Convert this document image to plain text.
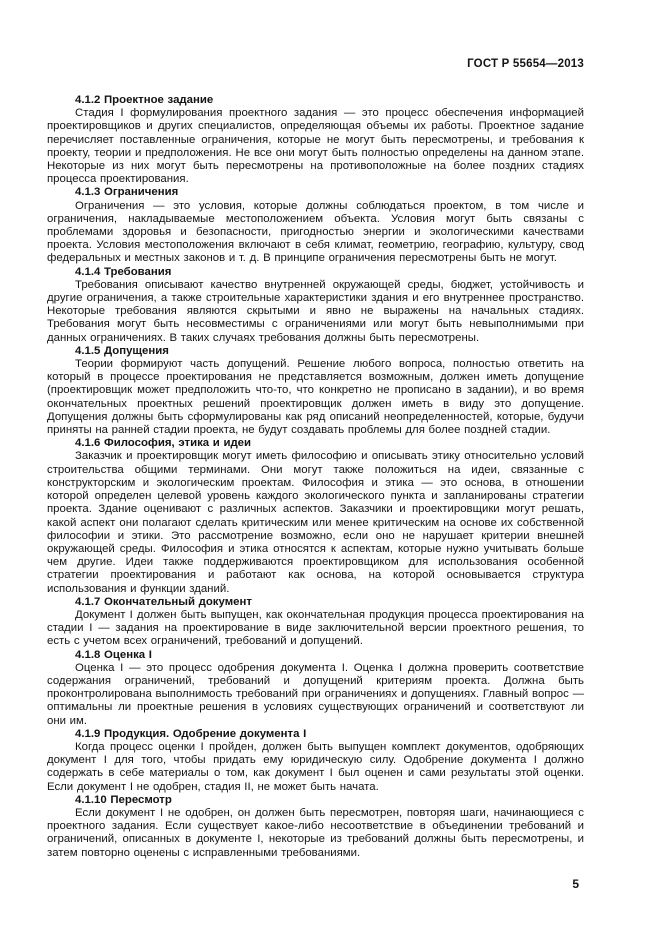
ГОСТ Р 55654—2013

4.1.2 Проектное задание

Стадия I формулирования проектного задания — это процесс обеспечения информацией проектировщиков и других специалистов, определяющая объемы их работы. Проектное задание перечисляет поставленные ограничения, которые не могут быть пересмотрены, и требования к проекту, теории и предположения. Не все они могут быть полностью определены на данном этапе. Некоторые из них могут быть пересмотрены на противоположные на более поздних стадиях процесса проектирования.

4.1.3 Ограничения

Ограничения — это условия, которые должны соблюдаться проектом, в том числе и ограничения, накладываемые местоположением объекта. Условия могут быть связаны с проблемами здоровья и безопасности, пригодностью энергии и экологическими качествами проекта. Условия местоположения включают в себя климат, геометрию, географию, культуру, свод федеральных и местных законов и т. д. В принципе ограничения пересмотрены быть не могут.

4.1.4 Требования

Требования описывают качество внутренней окружающей среды, бюджет, устойчивость и другие ограничения, а также строительные характеристики здания и его внутреннее пространство. Некоторые требования являются скрытыми и явно не выражены на начальных стадиях. Требования могут быть несовместимы с ограничениями или могут быть невыполнимыми при данных ограничениях. В таких случаях требования должны быть пересмотрены.

4.1.5 Допущения

Теории формируют часть допущений. Решение любого вопроса, полностью ответить на который в процессе проектирования не представляется возможным, должен иметь допущение (проектировщик может предположить что-то, что конкретно не прописано в задании), и во время окончательных проектных решений проектировщик должен иметь в виду это допущение. Допущения должны быть сформулированы как ряд описаний неопределенностей, которые, будучи приняты на ранней стадии проекта, не будут создавать проблемы для более поздней стадии.

4.1.6 Философия, этика и идеи

Заказчик и проектировщик могут иметь философию и описывать этику относительно условий строительства общими терминами. Они могут также положиться на идеи, связанные с конструкторским и экологическим проектам. Философия и этика — это основа, в отношении которой определен целевой уровень каждого экологического пункта и запланированы стратегии проекта. Здание оценивают с различных аспектов. Заказчики и проектировщики могут решать, какой аспект они полагают сделать критическим или менее критическим на основе их собственной философии и этики. Это рассмотрение возможно, если оно не нарушает критерии внешней окружающей среды. Философия и этика относятся к аспектам, которые нужно учитывать больше чем другие. Идеи также поддерживаются проектировщиком для использования особенной стратегии проектирования и работают как основа, на которой основывается структура использования и функции зданий.

4.1.7 Окончательный документ

Документ I должен быть выпущен, как окончательная продукция процесса проектирования на стадии I — задания на проектирование в виде заключительной версии проектного решения, то есть с учетом всех ограничений, требований и допущений.

4.1.8 Оценка I

Оценка I — это процесс одобрения документа I. Оценка I должна проверить соответствие содержания ограничений, требований и допущений критериям проекта. Должна быть проконтролирована выполнимость требований при ограничениях и допущениях. Главный вопрос — оптимальны ли проектные решения в условиях существующих ограничений и соответствуют ли они им.

4.1.9 Продукция. Одобрение документа I

Когда процесс оценки I пройден, должен быть выпущен комплект документов, одобряющих документ I для того, чтобы придать ему юридическую силу. Одобрение документа I должно содержать в себе материалы о том, как документ I был оценен и сами результаты этой оценки. Если документ I не одобрен, стадия II, не может быть начата.

4.1.10 Пересмотр

Если документ I не одобрен, он должен быть пересмотрен, повторяя шаги, начинающиеся с проектного задания. Если существует какое-либо несоответствие в объединении требований и ограничений, описанных в документе I, некоторые из требований должны быть пересмотрены, и затем повторно оценены с исправленными требованиями.

5
